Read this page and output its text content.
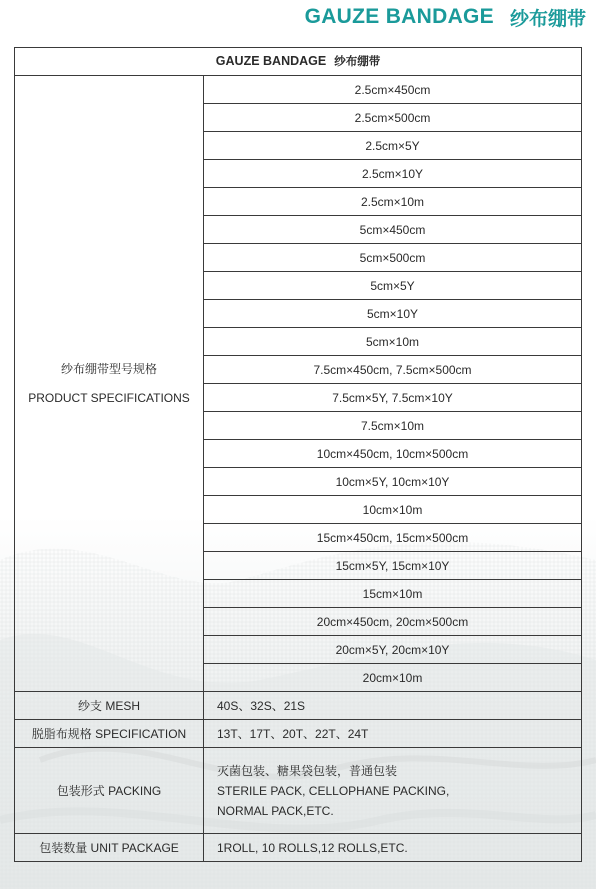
GAUZE BANDAGE 纱布绷带
GAUZE BANDAGE 纱布绷带	

纱布绷带型号规格
PRODUCT SPECIFICATIONS	2.5cm×450cm
	2.5cm×500cm
	2.5cm×5Y
	2.5cm×10Y
	2.5cm×10m
	5cm×450cm
	5cm×500cm
	5cm×5Y
	5cm×10Y
	5cm×10m
	7.5cm×450cm, 7.5cm×500cm
	7.5cm×5Y, 7.5cm×10Y
	7.5cm×10m
	10cm×450cm, 10cm×500cm
	10cm×5Y, 10cm×10Y
	10cm×10m
	15cm×450cm, 15cm×500cm
	15cm×5Y, 15cm×10Y
	15cm×10m
	20cm×450cm, 20cm×500cm
	20cm×5Y, 20cm×10Y
	20cm×10m
纱支 MESH	40S、32S、21S
脱脂布规格 SPECIFICATION	13T、17T、20T、22T、24T
包装形式 PACKING	灭菌包装、糖果袋包装，普通包装
STERILE PACK, CELLOPHANE PACKING,
NORMAL PACK,ETC.

包装数量 UNIT PACKAGE	1ROLL, 10 ROLLS,12 ROLLS,ETC.
